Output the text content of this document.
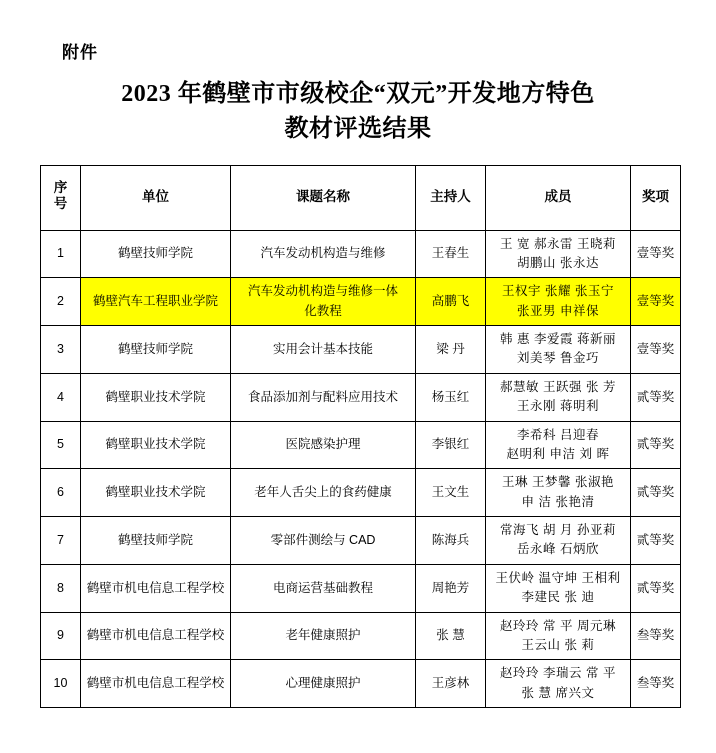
附件
2023 年鹤壁市市级校企“双元”开发地方特色
教材评选结果
序
号	单位	课题名称	主持人	成员	奖项
1	鹤壁技师学院	汽车发动机构造与维修	王春生	王 宽 郝永雷 王晓莉
胡鹏山 张永达	壹等奖
2	鹤壁汽车工程职业学院	汽车发动机构造与维修一体
化教程	高鹏飞	王权宇 张耀 张玉宁
张亚男 申祥保	壹等奖
3	鹤壁技师学院	实用会计基本技能	梁 丹	韩 惠 李爱霞 蒋新丽
刘美琴 鲁金巧	壹等奖
4	鹤壁职业技术学院	食品添加剂与配料应用技术	杨玉红	郝慧敏 王跃强 张 芳
王永刚 蒋明利	贰等奖
5	鹤壁职业技术学院	医院感染护理	李银红	李希科 吕迎春
赵明利 申洁 刘 晖	贰等奖
6	鹤壁职业技术学院	老年人舌尖上的食药健康	王文生	王琳 王梦馨 张淑艳
申 洁 张艳清	贰等奖
7	鹤壁技师学院	零部件测绘与 CAD	陈海兵	常海飞 胡 月 孙亚莉
岳永峰 石炳欣	贰等奖
8	鹤壁市机电信息工程学校	电商运营基础教程	周艳芳	王伏岭 温守坤 王相利
李建民 张 迪	贰等奖
9	鹤壁市机电信息工程学校	老年健康照护	张 慧	赵玲玲 常 平 周元琳
王云山 张 莉	叁等奖
10	鹤壁市机电信息工程学校	心理健康照护	王彦林	赵玲玲 李瑞云 常 平
张 慧 席兴文	叁等奖
